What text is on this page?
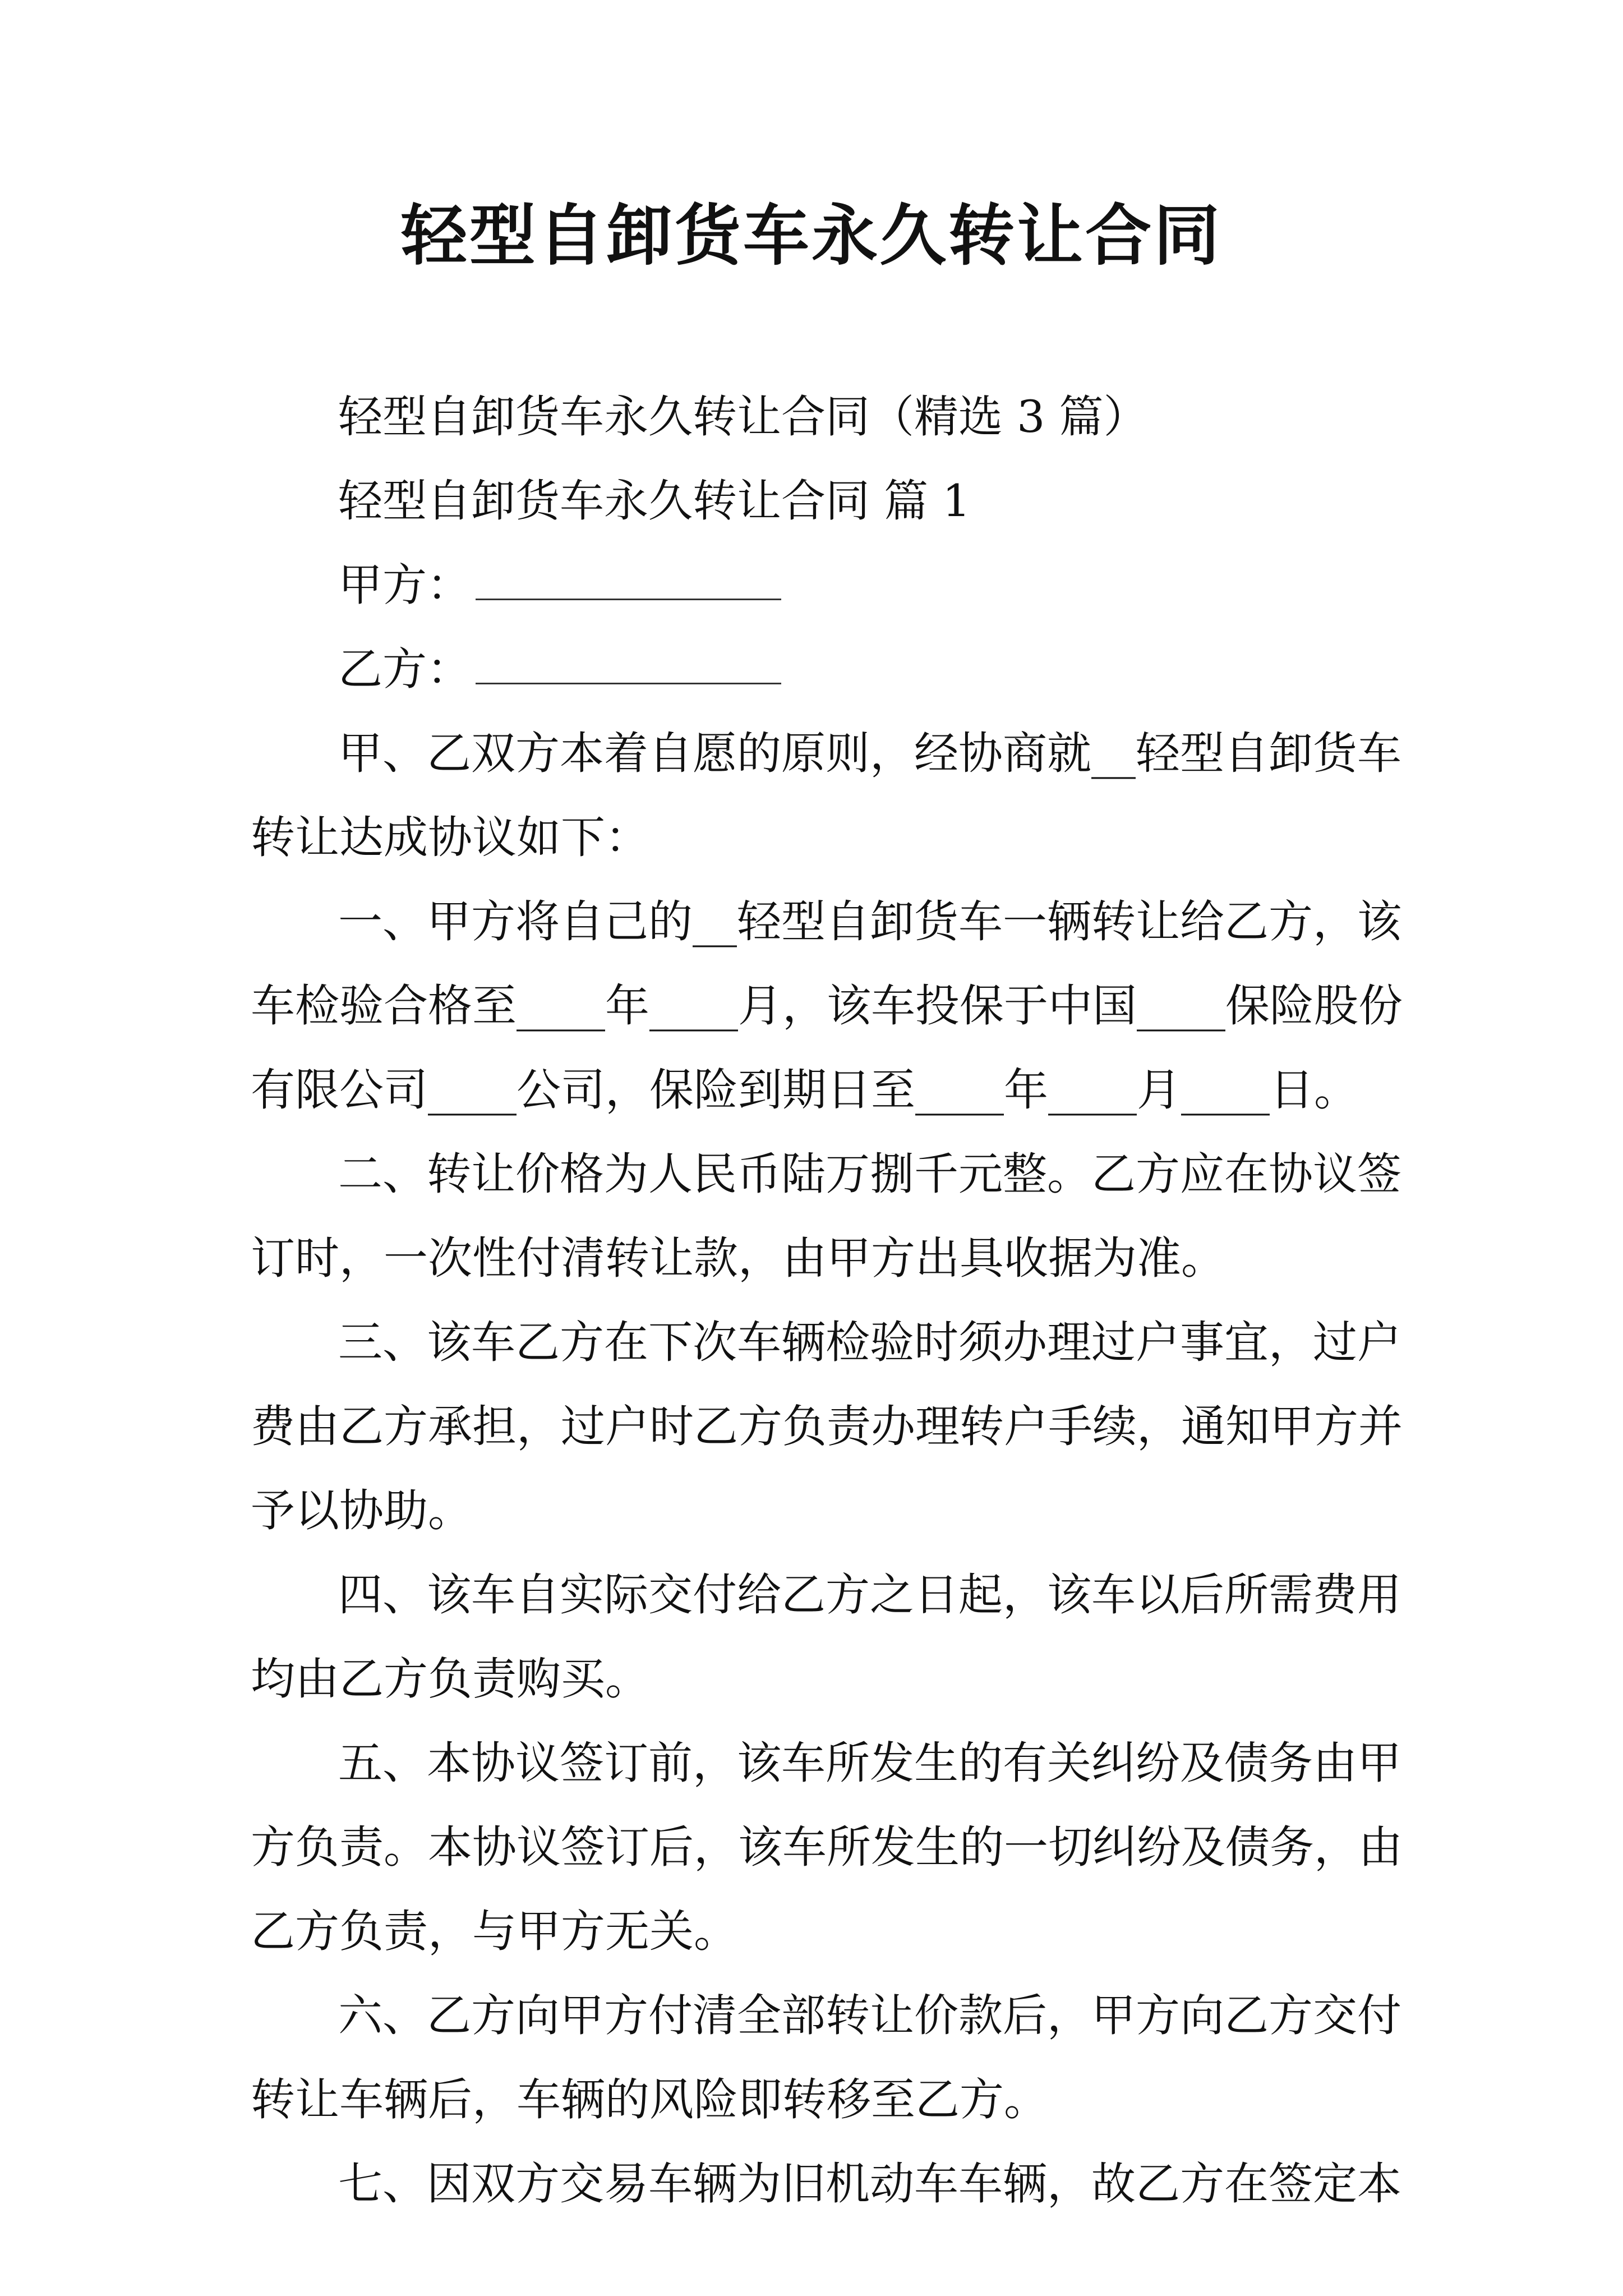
轻型自卸货车永久转让合同
轻型自卸货车永久转让合同（精选 3 篇）
轻型自卸货车永久转让合同 篇 1
甲方：
乙方：
甲、乙双方本着自愿的原则，经协商就__轻型自卸货车
转让达成协议如下：
一、甲方将自己的__轻型自卸货车一辆转让给乙方，该
车检验合格至____年____月，该车投保于中国____保险股份
有限公司____公司，保险到期日至____年____月____日。
二、转让价格为人民币陆万捌千元整。乙方应在协议签
订时，一次性付清转让款，由甲方出具收据为准。
三、该车乙方在下次车辆检验时须办理过户事宜，过户
费由乙方承担，过户时乙方负责办理转户手续，通知甲方并
予以协助。
四、该车自实际交付给乙方之日起，该车以后所需费用
均由乙方负责购买。
五、本协议签订前，该车所发生的有关纠纷及债务由甲
方负责。本协议签订后，该车所发生的一切纠纷及债务，由
乙方负责，与甲方无关。
六、乙方向甲方付清全部转让价款后，甲方向乙方交付
转让车辆后，车辆的风险即转移至乙方。
七、因双方交易车辆为旧机动车车辆，故乙方在签定本
